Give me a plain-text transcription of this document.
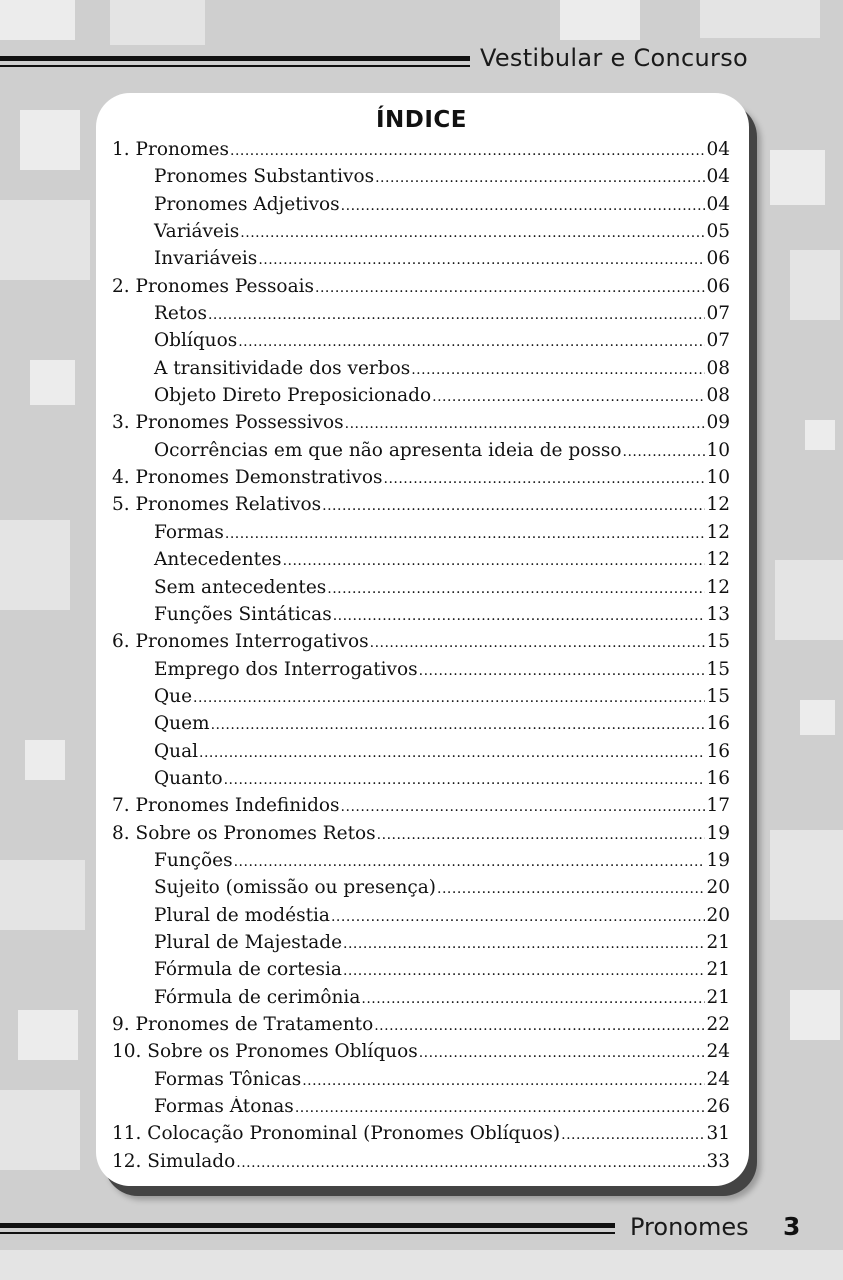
Vestibular e Concurso
ÍNDICE
1. Pronomes .....	04
Pronomes Substantivos .....	04
Pronomes Adjetivos .....	04
Variáveis .....	05
Invariáveis .....	06
2. Pronomes Pessoais .....	06
Retos .....	07
Oblíquos .....	07
A transitividade dos verbos .....	08
Objeto Direto Preposicionado .....	08
3. Pronomes Possessivos .....	09
Ocorrências em que não apresenta ideia de posso .....	10
4. Pronomes Demonstrativos .....	10
5. Pronomes Relativos .....	12
Formas .....	12
Antecedentes .....	12
Sem antecedentes .....	12
Funções Sintáticas .....	13
6. Pronomes Interrogativos .....	15
Emprego dos Interrogativos .....	15
Que .....	15
Quem .....	16
Qual .....	16
Quanto .....	16
7. Pronomes Indefinidos .....	17
8. Sobre os Pronomes Retos .....	19
Funções .....	19
Sujeito (omissão ou presença) .....	20
Plural de modéstia .....	20
Plural de Majestade .....	21
Fórmula de cortesia .....	21
Fórmula de cerimônia .....	21
9. Pronomes de Tratamento .....	22
10. Sobre os Pronomes Oblíquos .....	24
Formas Tônicas .....	24
Formas Átonas .....	26
11. Colocação Pronominal (Pronomes Oblíquos) .....	31
12. Simulado .....	33
Pronomes 3
